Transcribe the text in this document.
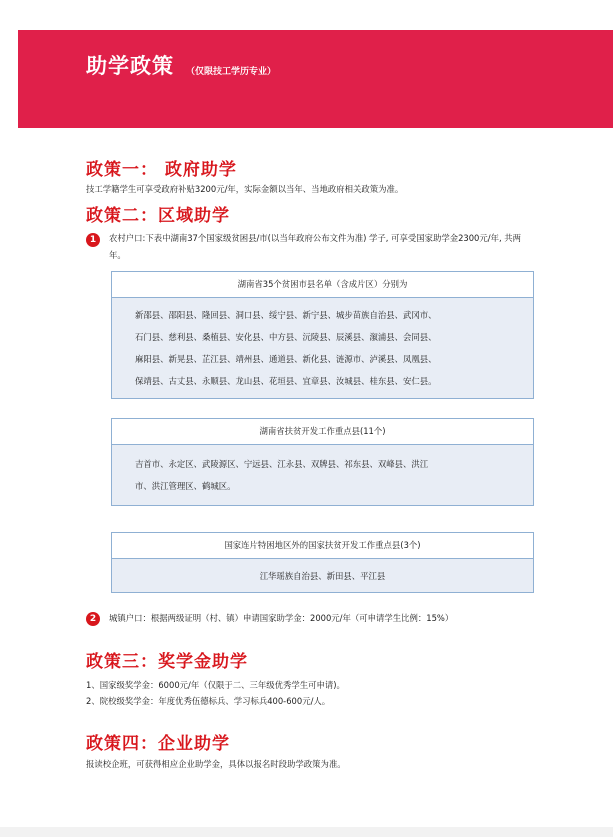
助学政策 （仅限技工学历专业）
政策一： 政府助学
技工学籍学生可享受政府补贴3200元/年，实际金额以当年、当地政府相关政策为准。
政策二：区域助学
1	农村户口:下表中湖南37个国家级贫困县/市(以当年政府公布文件为准) 学子, 可享受国家助学金2300元/年, 共两年。
湖南省35个贫困市县名单（含成片区）分别为
新邵县、邵阳县、隆回县、洞口县、绥宁县、新宁县、城步苗族自治县、武冈市、
石门县、慈利县、桑植县、安化县、中方县、沅陵县、辰溪县、溆浦县、会同县、
麻阳县、新晃县、芷江县、靖州县、通道县、新化县、涟源市、泸溪县、凤凰县、
保靖县、古丈县、永顺县、龙山县、花垣县、宜章县、汝城县、桂东县、安仁县。
湖南省扶贫开发工作重点县(11个)
吉首市、永定区、武陵源区、宁远县、江永县、双牌县、祁东县、双峰县、洪江
市、洪江管理区、鹤城区。
国家连片特困地区外的国家扶贫开发工作重点县(3个)
江华瑶族自治县、新田县、平江县
2	城镇户口：根据两级证明（村、镇）申请国家助学金：2000元/年（可申请学生比例：15%）
政策三：奖学金助学
1、国家级奖学金：6000元/年（仅限于二、三年级优秀学生可申请)。
2、院校级奖学金：年度优秀伍德标兵、学习标兵400-600元/人。
政策四：企业助学
报读校企班，可获得相应企业助学金，具体以报名时段助学政策为准。
